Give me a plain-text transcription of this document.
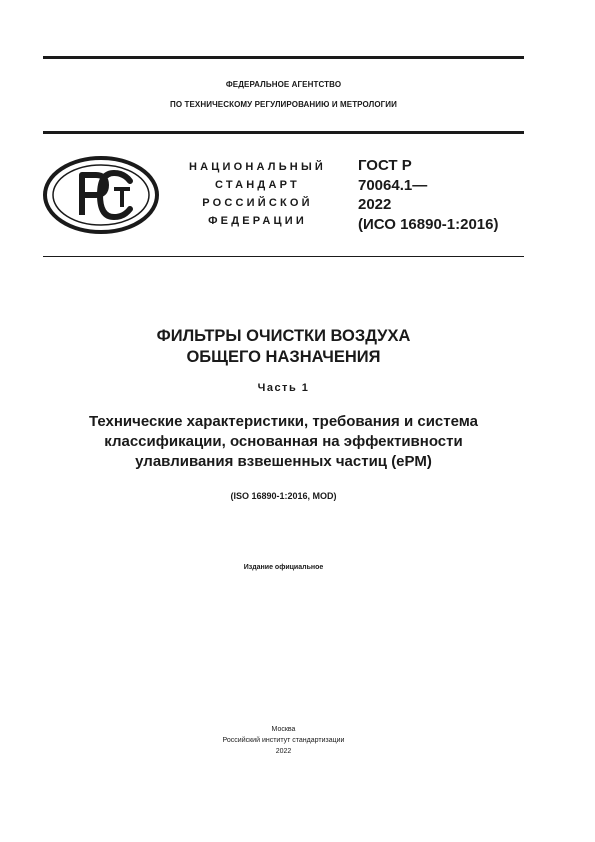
ФЕДЕРАЛЬНОЕ АГЕНТСТВО
ПО ТЕХНИЧЕСКОМУ РЕГУЛИРОВАНИЮ И МЕТРОЛОГИИ
НАЦИОНАЛЬНЫЙ
СТАНДАРТ
РОССИЙСКОЙ
ФЕДЕРАЦИИ
ГОСТ Р
70064.1—
2022
(ИСО 16890-1:2016)
ФИЛЬТРЫ ОЧИСТКИ ВОЗДУХА
ОБЩЕГО НАЗНАЧЕНИЯ
Часть 1
Технические характеристики, требования и система
классификации, основанная на эффективности
улавливания взвешенных частиц (еРМ)
(ISO 16890-1:2016, MOD)
Издание официальное
Москва
Российский институт стандартизации
2022
